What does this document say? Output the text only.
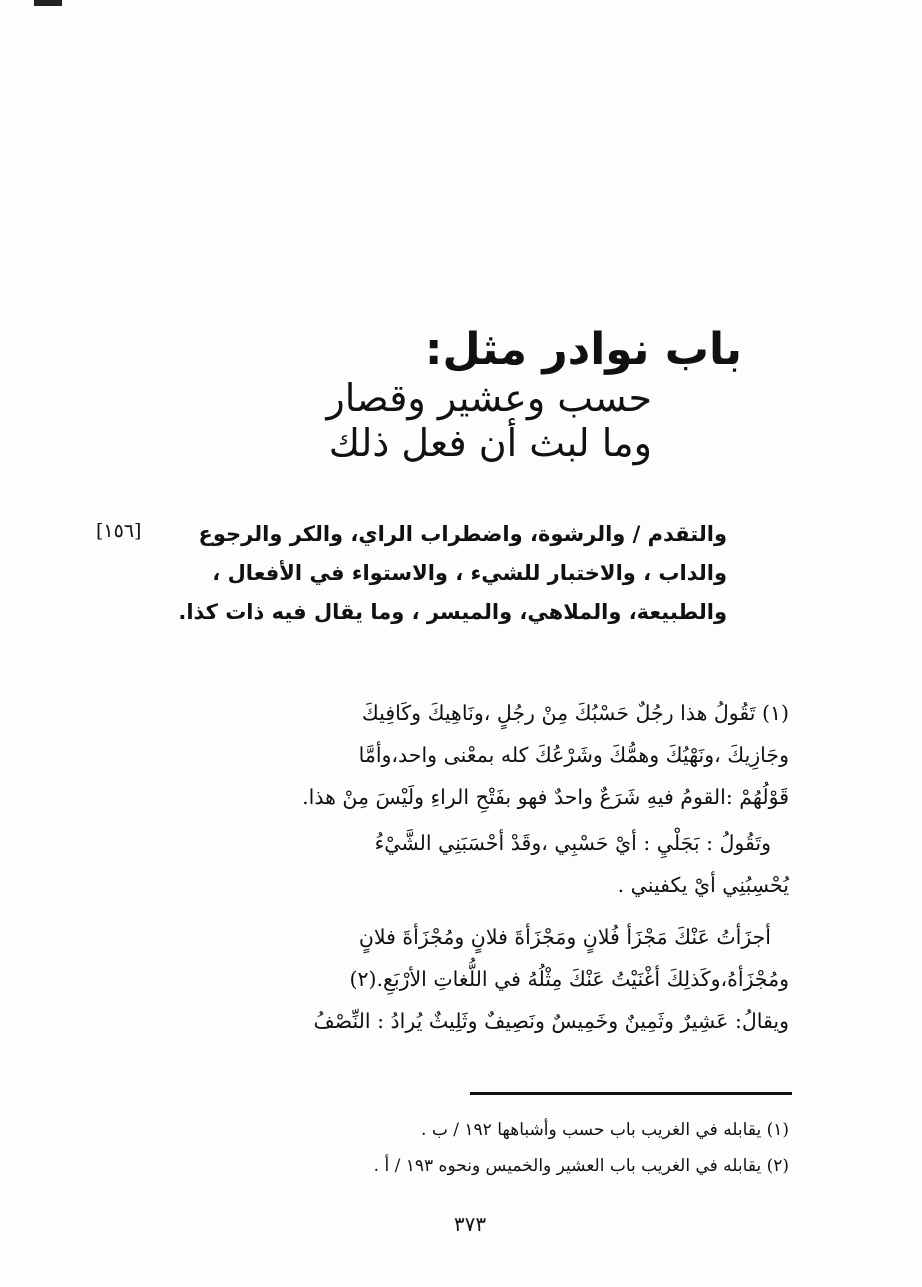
باب نوادر مثل:
حسب وعشير وقصار
وما لبث أن فعل ذلك
والتقدم / والرشوة، واضطراب الراي، والكر والرجوع
والداب ، والاختبار للشيء ، والاستواء في الأفعال ،
والطبيعة، والملاهي، والميسر ، وما يقال فيه ذات كذا.
[١٥٦]
(١) تَقُولُ هذا رجُلٌ حَسْبُكَ مِنْ رجُلٍ ،ونَاهِيكَ وكَافِيكَ
وجَازِيكَ ،ونَهْيُكَ وهمُّكَ وشَرْعُكَ كله بمعْنى واحد،وأمَّا
قَوْلُهُمْ :القومُ فيهِ شَرَعٌ واحدٌ فهو بفَتْحِ الراءِ ولَيْسَ مِنْ هذا.
وتَقُولُ : بَجَلْيِ : أيْ حَسْبِي ،وقَدْ أحْسَبَنِي الشَّيْءُ
يُحْسِبُنِي أيْ يكفيني .
أجزَأتُ عَنْكَ مَجْزَأ فُلانٍ ومَجْزَأةَ فلانٍ ومُجْزَأةَ فلانٍ
ومُجْزَأهُ،وكَذلِكَ أغْنَيْتُ عَنْكَ مِثْلُهُ في اللُّغاتِ الأرْبَعِ.(٢)
ويقالُ: عَشِيرٌ وثَمِينٌ وخَمِيسٌ ونَصِيفٌ وثَلِيثٌ يُرادُ : النِّصْفُ
(١) يقابله في الغريب باب حسب وأشباهها ١٩٢ / ب .
(٢) يقابله في الغريب باب العشير والخميس ونحوه ١٩٣ / أ .
٣٧٣
